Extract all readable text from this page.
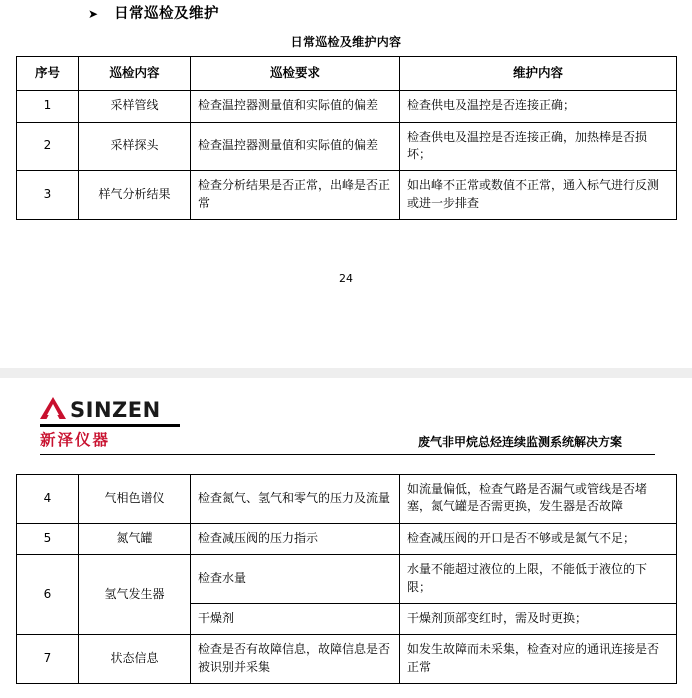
➤ 日常巡检及维护
日常巡检及维护内容
序号	巡检内容	巡检要求	维护内容
1	采样管线	检查温控器测量值和实际值的偏差	检查供电及温控是否连接正确；
2	采样探头	检查温控器测量值和实际值的偏差	检查供电及温控是否连接正确，加热棒是否损坏；
3	样气分析结果	检查分析结果是否正常，出峰是否正常	如出峰不正常或数值不正常，通入标气进行反测或进一步排查
24
SINZEN
新泽仪器	废气非甲烷总烃连续监测系统解决方案
4	气相色谱仪	检查氮气、氢气和零气的压力及流量	如流量偏低，检查气路是否漏气或管线是否堵塞，氮气罐是否需更换，发生器是否故障
5	氮气罐	检查减压阀的压力指示	检查减压阀的开口是否不够或是氮气不足；
6	氢气发生器	检查水量	水量不能超过液位的上限，不能低于液位的下限；
		干燥剂	干燥剂顶部变红时，需及时更换；
7	状态信息	检查是否有故障信息，故障信息是否被识别并采集	如发生故障而未采集，检查对应的通讯连接是否正常
